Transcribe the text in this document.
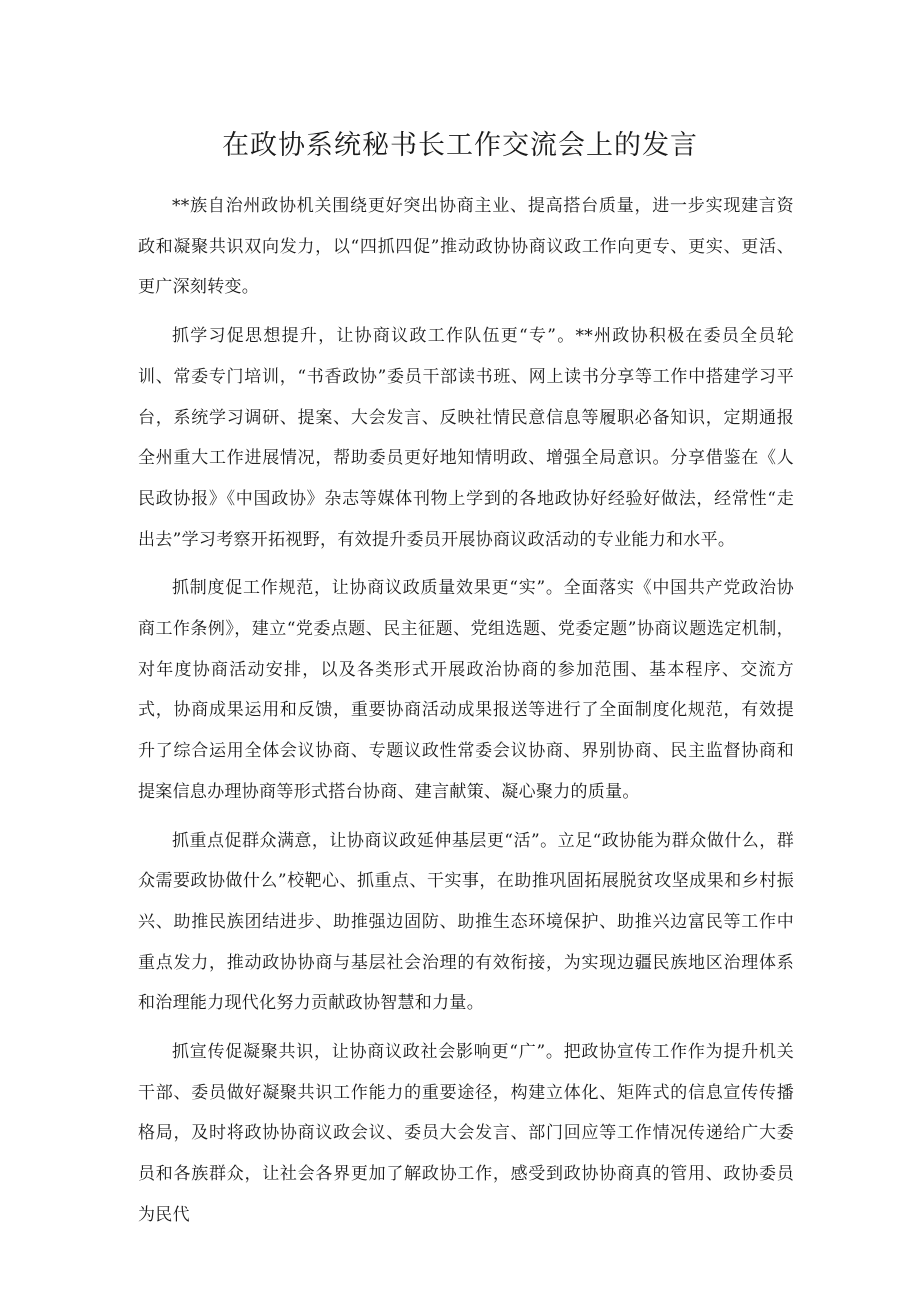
在政协系统秘书长工作交流会上的发言

**族自治州政协机关围绕更好突出协商主业、提高搭台质量，进一步实现建言资政和凝聚共识双向发力，以“四抓四促”推动政协协商议政工作向更专、更实、更活、更广深刻转变。

抓学习促思想提升，让协商议政工作队伍更“专”。**州政协积极在委员全员轮训、常委专门培训，“书香政协”委员干部读书班、网上读书分享等工作中搭建学习平台，系统学习调研、提案、大会发言、反映社情民意信息等履职必备知识，定期通报全州重大工作进展情况，帮助委员更好地知情明政、增强全局意识。分享借鉴在《人民政协报》《中国政协》杂志等媒体刊物上学到的各地政协好经验好做法，经常性“走出去”学习考察开拓视野，有效提升委员开展协商议政活动的专业能力和水平。

抓制度促工作规范，让协商议政质量效果更“实”。全面落实《中国共产党政治协商工作条例》，建立“党委点题、民主征题、党组选题、党委定题”协商议题选定机制，对年度协商活动安排，以及各类形式开展政治协商的参加范围、基本程序、交流方式，协商成果运用和反馈，重要协商活动成果报送等进行了全面制度化规范，有效提升了综合运用全体会议协商、专题议政性常委会议协商、界别协商、民主监督协商和提案信息办理协商等形式搭台协商、建言献策、凝心聚力的质量。

抓重点促群众满意，让协商议政延伸基层更“活”。立足“政协能为群众做什么，群众需要政协做什么”校靶心、抓重点、干实事，在助推巩固拓展脱贫攻坚成果和乡村振兴、助推民族团结进步、助推强边固防、助推生态环境保护、助推兴边富民等工作中重点发力，推动政协协商与基层社会治理的有效衔接，为实现边疆民族地区治理体系和治理能力现代化努力贡献政协智慧和力量。

抓宣传促凝聚共识，让协商议政社会影响更“广”。把政协宣传工作作为提升机关干部、委员做好凝聚共识工作能力的重要途径，构建立体化、矩阵式的信息宣传传播格局，及时将政协协商议政会议、委员大会发言、部门回应等工作情况传递给广大委员和各族群众，让社会各界更加了解政协工作，感受到政协协商真的管用、政协委员为民代
